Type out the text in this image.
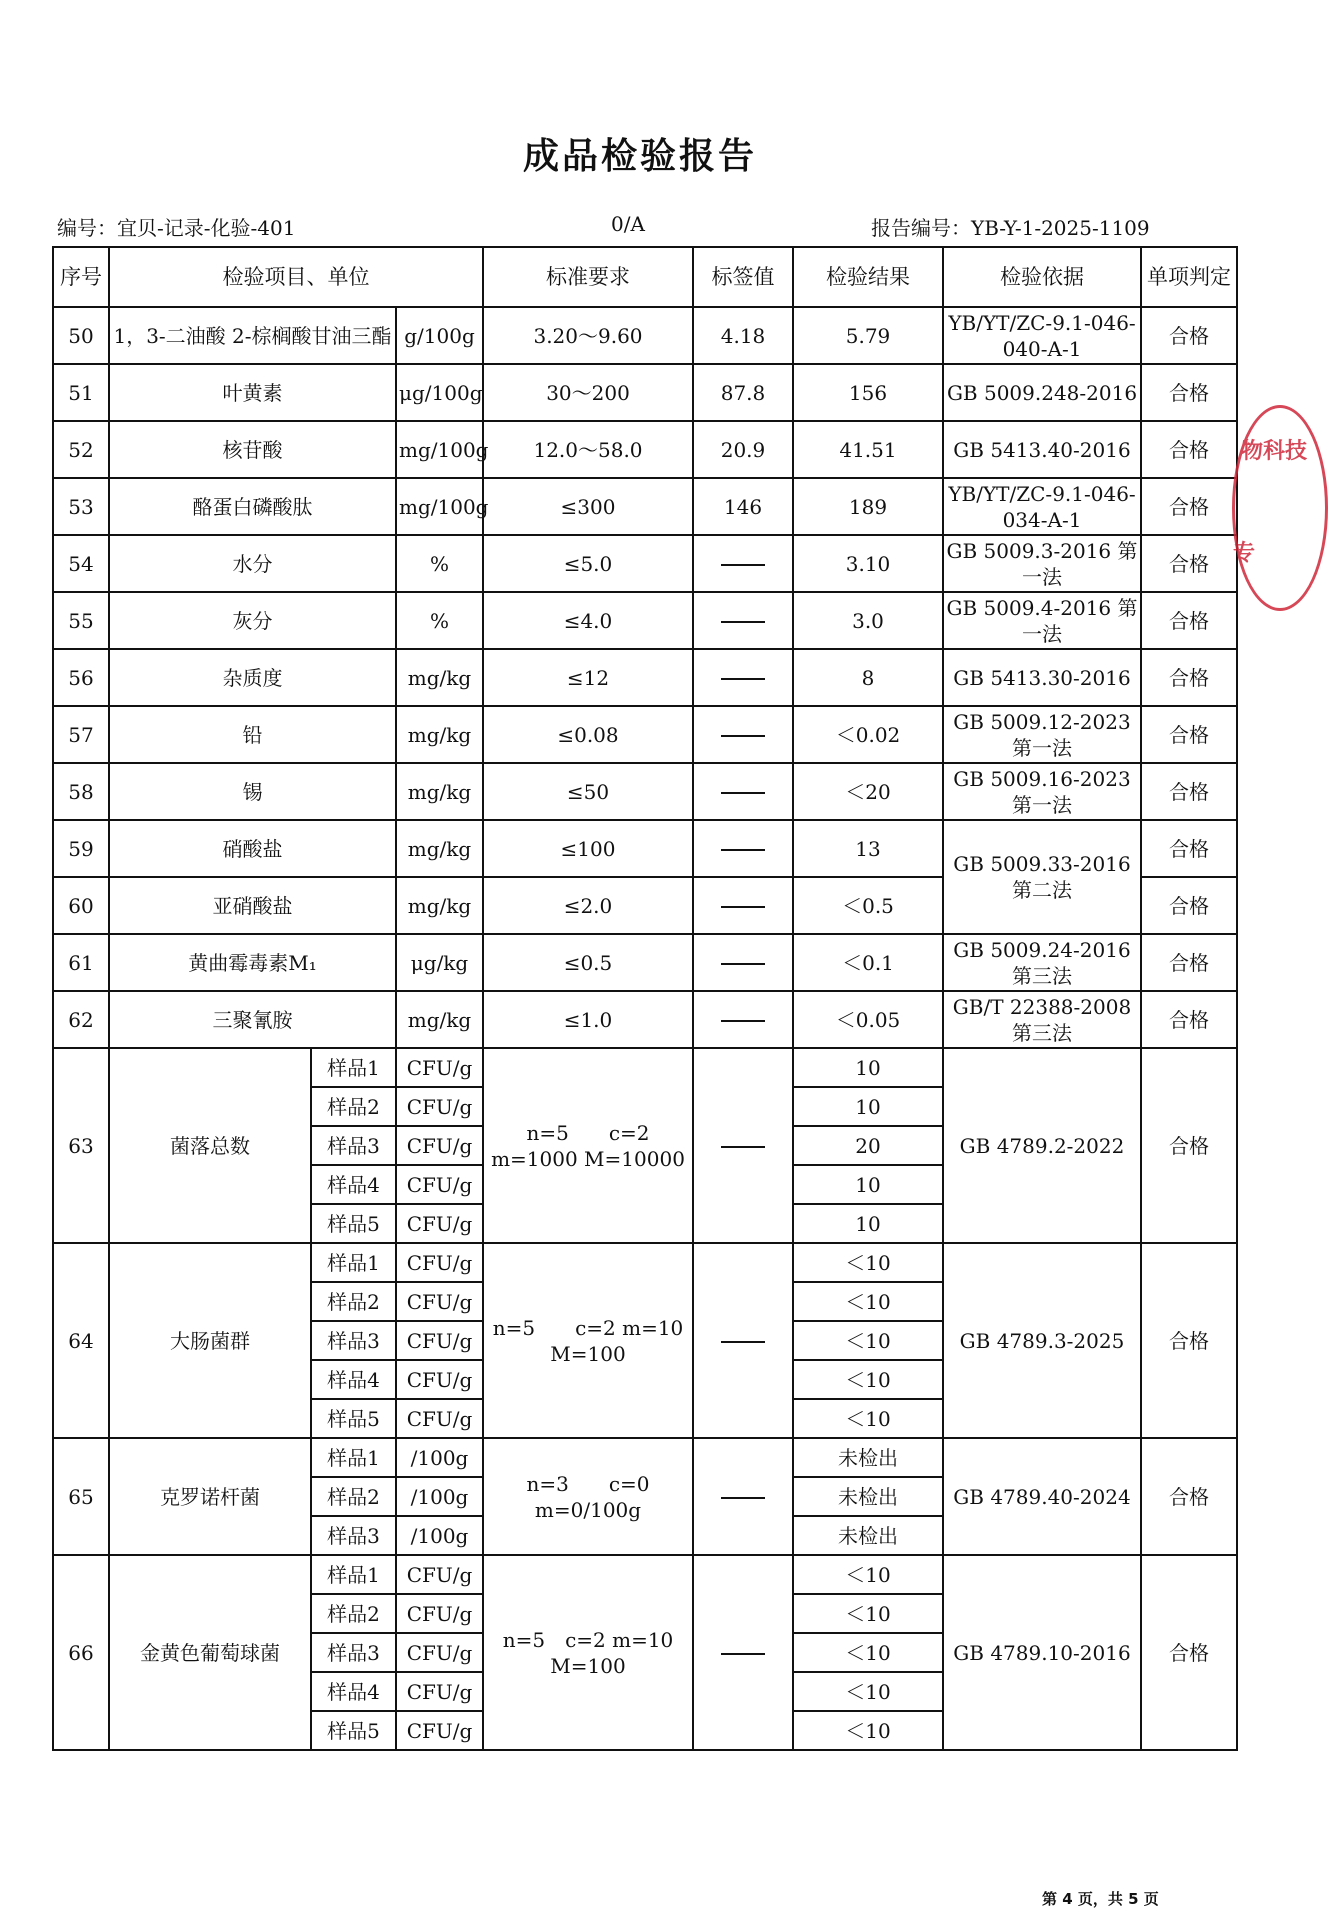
成品检验报告
编号：宜贝-记录-化验-401	0/A	报告编号：YB-Y-1-2025-1109
序号	检验项目、单位			标准要求	标签值	检验结果	检验依据	单项判定
50	1，3-二油酸 2-棕榈酸甘油三酯		g/100g	3.20～9.60	4.18	5.79	YB/YT/ZC-9.1-046-040-A-1	合格
51	叶黄素		μg/100g	30～200	87.8	156	GB 5009.248-2016	合格
52	核苷酸		mg/100g	12.0～58.0	20.9	41.51	GB 5413.40-2016	合格
53	酪蛋白磷酸肽		mg/100g	≤300	146	189	YB/YT/ZC-9.1-046-034-A-1	合格
54	水分		%	≤5.0		3.10	GB 5009.3-2016 第一法	合格
55	灰分		%	≤4.0		3.0	GB 5009.4-2016 第一法	合格
56	杂质度		mg/kg	≤12		8	GB 5413.30-2016	合格
57	铅		mg/kg	≤0.08		＜0.02	GB 5009.12-2023 第一法	合格
58	锡		mg/kg	≤50		＜20	GB 5009.16-2023 第一法	合格
59	硝酸盐		mg/kg	≤100		13	GB 5009.33-2016 第二法	合格
60	亚硝酸盐		mg/kg	≤2.0		＜0.5		合格
61	黄曲霉毒素M₁		μg/kg	≤0.5		＜0.1	GB 5009.24-2016 第三法	合格
62	三聚氰胺		mg/kg	≤1.0		＜0.05	GB/T 22388-2008 第三法	合格
63	菌落总数	样品1	CFU/g	n=5　　c=2 m=1000 M=10000		10	GB 4789.2-2022	合格
		样品2	CFU/g			10		
		样品3	CFU/g			20		
		样品4	CFU/g			10		
		样品5	CFU/g			10		
64	大肠菌群	样品1	CFU/g	n=5　　c=2 m=10 M=100		＜10	GB 4789.3-2025	合格
		样品2	CFU/g			＜10		
		样品3	CFU/g			＜10		
		样品4	CFU/g			＜10		
		样品5	CFU/g			＜10		
65	克罗诺杆菌	样品1	/100g	n=3　　c=0 m=0/100g		未检出	GB 4789.40-2024	合格
		样品2	/100g			未检出		
		样品3	/100g			未检出		
66	金黄色葡萄球菌	样品1	CFU/g	n=5　c=2 m=10 M=100		＜10	GB 4789.10-2016	合格
		样品2	CFU/g			＜10		
		样品3	CFU/g			＜10		
		样品4	CFU/g			＜10		
		样品5	CFU/g			＜10		
物科技
专
第 4 页，共 5 页
